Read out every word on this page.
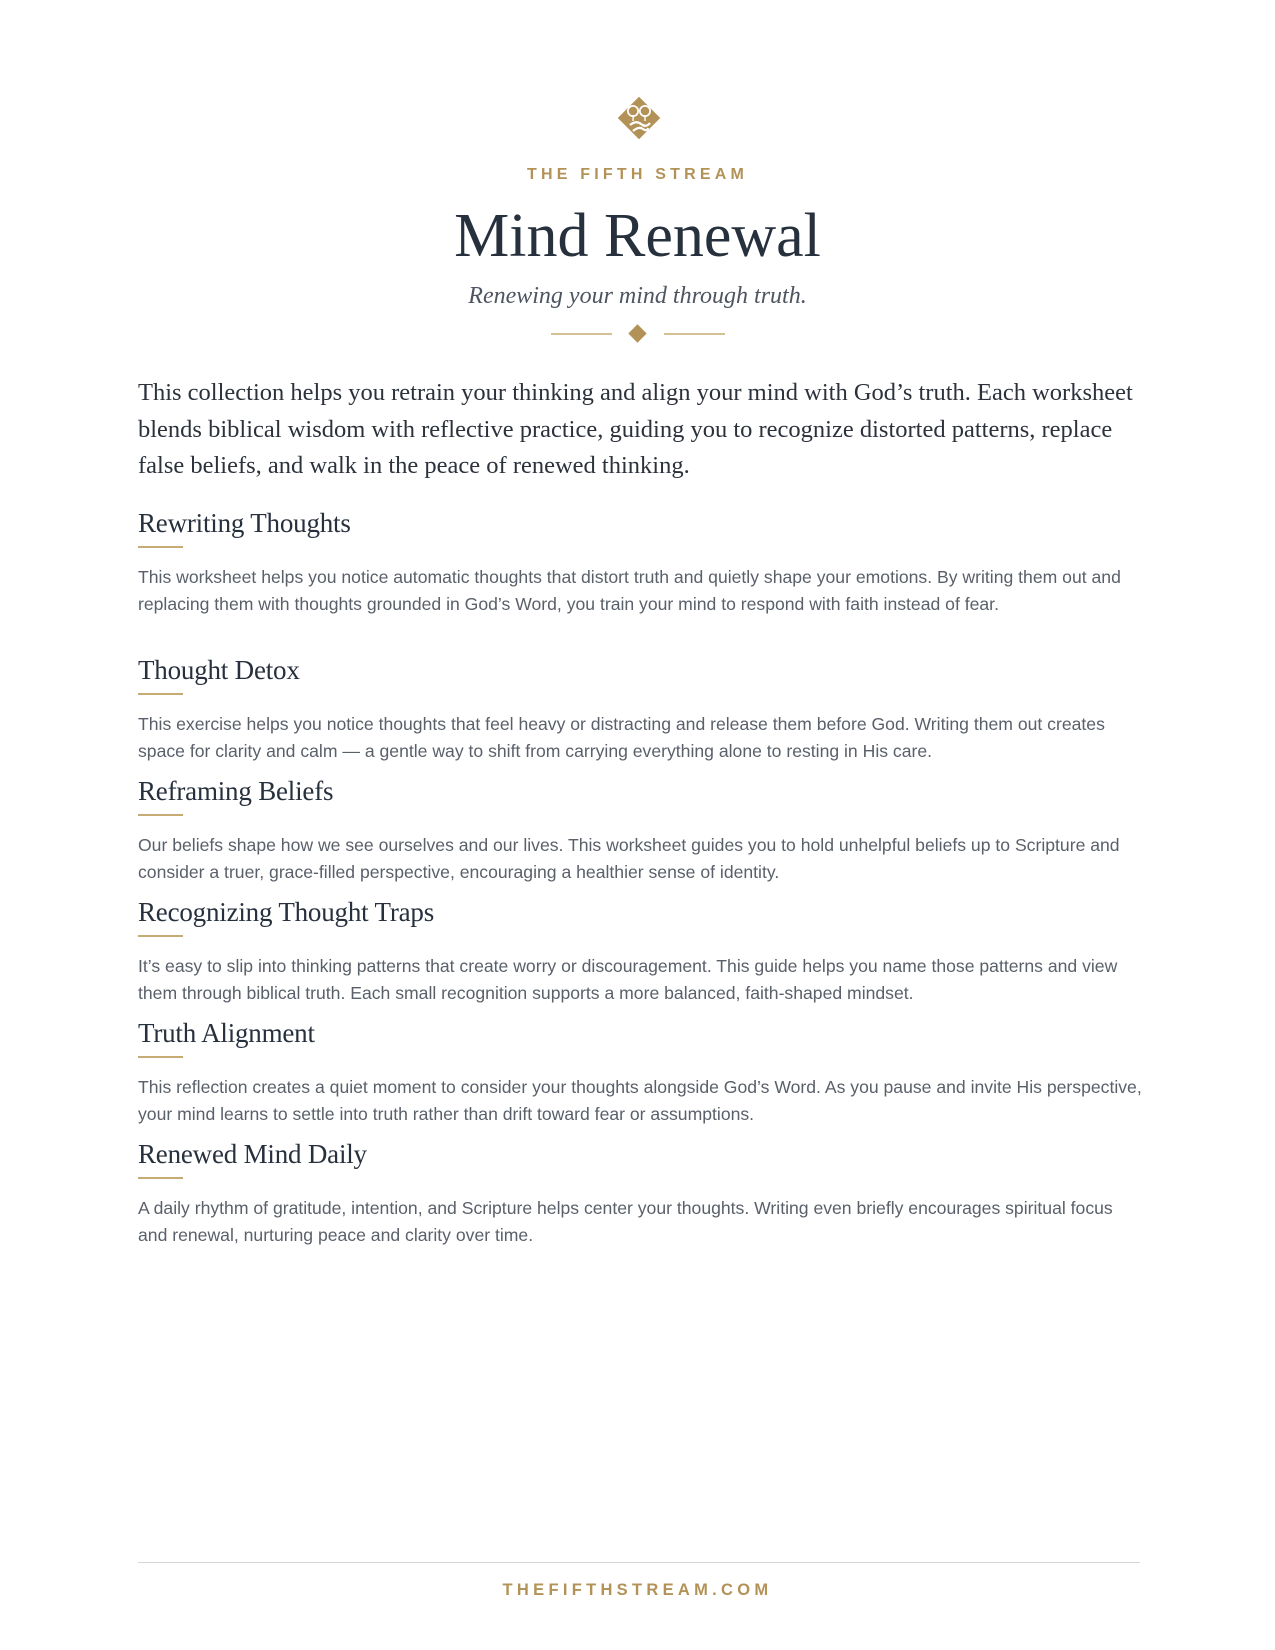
THE FIFTH STREAM
Mind Renewal
Renewing your mind through truth.

This collection helps you retrain your thinking and align your mind with God’s truth. Each worksheet blends biblical wisdom with reflective practice, guiding you to recognize distorted patterns, replace false beliefs, and walk in the peace of renewed thinking.

Rewriting Thoughts

This worksheet helps you notice automatic thoughts that distort truth and quietly shape your emotions. By writing them out and replacing them with thoughts grounded in God’s Word, you train your mind to respond with faith instead of fear.

Thought Detox

This exercise helps you notice thoughts that feel heavy or distracting and release them before God. Writing them out creates space for clarity and calm — a gentle way to shift from carrying everything alone to resting in His care.

Reframing Beliefs

Our beliefs shape how we see ourselves and our lives. This worksheet guides you to hold unhelpful beliefs up to Scripture and consider a truer, grace-filled perspective, encouraging a healthier sense of identity.

Recognizing Thought Traps

It’s easy to slip into thinking patterns that create worry or discouragement. This guide helps you name those patterns and view them through biblical truth. Each small recognition supports a more balanced, faith-shaped mindset.

Truth Alignment

This reflection creates a quiet moment to consider your thoughts alongside God’s Word. As you pause and invite His perspective, your mind learns to settle into truth rather than drift toward fear or assumptions.

Renewed Mind Daily

A daily rhythm of gratitude, intention, and Scripture helps center your thoughts. Writing even briefly encourages spiritual focus and renewal, nurturing peace and clarity over time.

THEFIFTHSTREAM.COM
